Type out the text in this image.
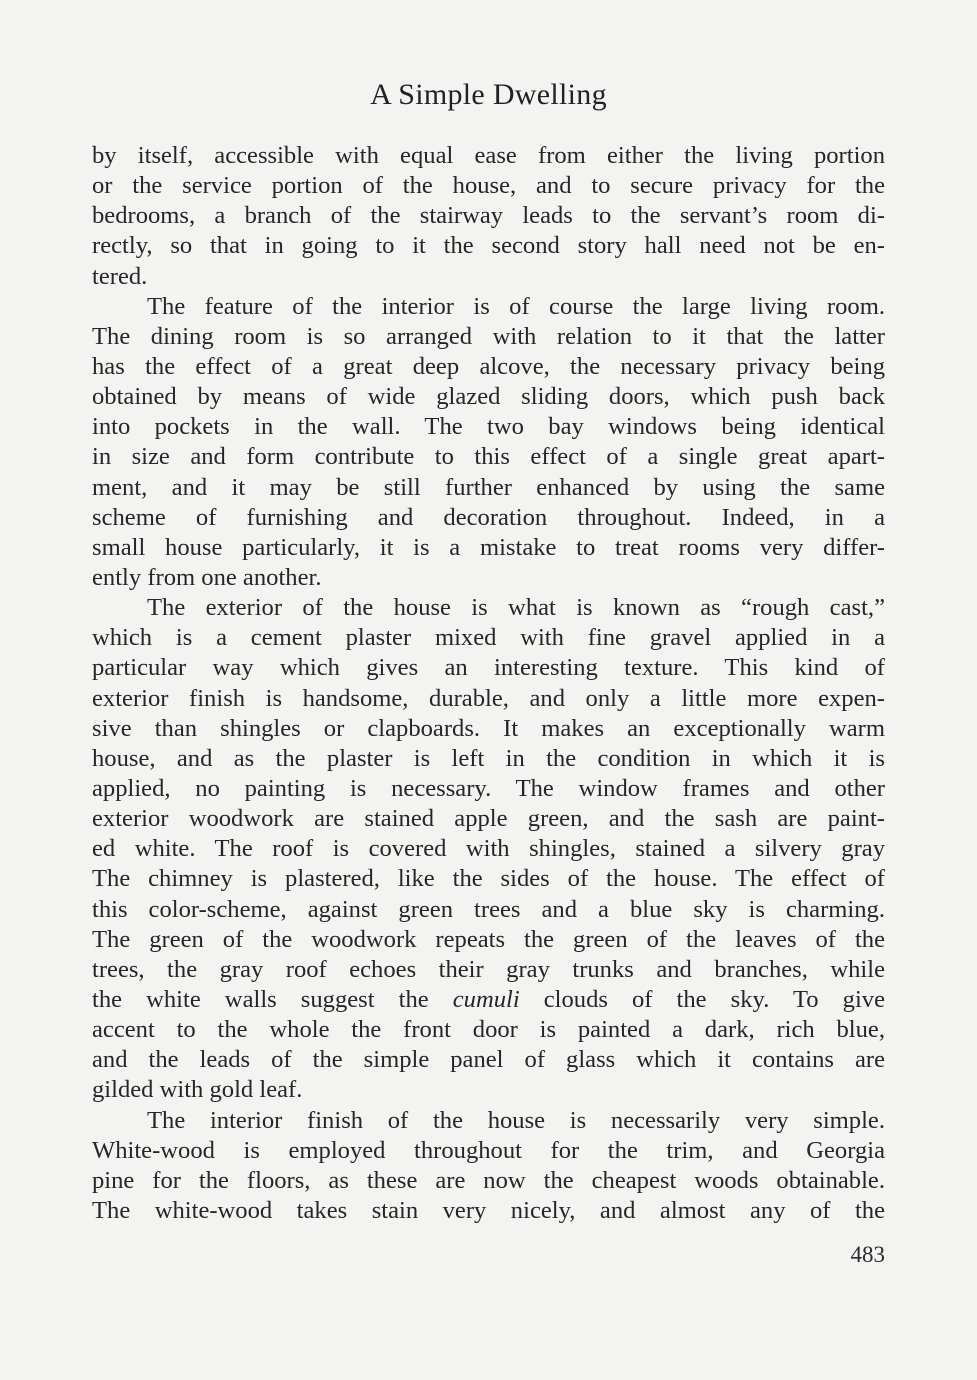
A Simple Dwelling
by itself, accessible with equal ease from either the living portion
or the service portion of the house, and to secure privacy for the
bedrooms, a branch of the stairway leads to the servant’s room di-
rectly, so that in going to it the second story hall need not be en-
tered.
The feature of the interior is of course the large living room.
The dining room is so arranged with relation to it that the latter
has the effect of a great deep alcove, the necessary privacy being
obtained by means of wide glazed sliding doors, which push back
into pockets in the wall. The two bay windows being identical
in size and form contribute to this effect of a single great apart-
ment, and it may be still further enhanced by using the same
scheme of furnishing and decoration throughout. Indeed, in a
small house particularly, it is a mistake to treat rooms very differ-
ently from one another.
The exterior of the house is what is known as “rough cast,”
which is a cement plaster mixed with fine gravel applied in a
particular way which gives an interesting texture. This kind of
exterior finish is handsome, durable, and only a little more expen-
sive than shingles or clapboards. It makes an exceptionally warm
house, and as the plaster is left in the condition in which it is
applied, no painting is necessary. The window frames and other
exterior woodwork are stained apple green, and the sash are paint-
ed white. The roof is covered with shingles, stained a silvery gray
The chimney is plastered, like the sides of the house. The effect of
this color-scheme, against green trees and a blue sky is charming.
The green of the woodwork repeats the green of the leaves of the
trees, the gray roof echoes their gray trunks and branches, while
the white walls suggest the cumuli clouds of the sky. To give
accent to the whole the front door is painted a dark, rich blue,
and the leads of the simple panel of glass which it contains are
gilded with gold leaf.
The interior finish of the house is necessarily very simple.
White-wood is employed throughout for the trim, and Georgia
pine for the floors, as these are now the cheapest woods obtainable.
The white-wood takes stain very nicely, and almost any of the
483
